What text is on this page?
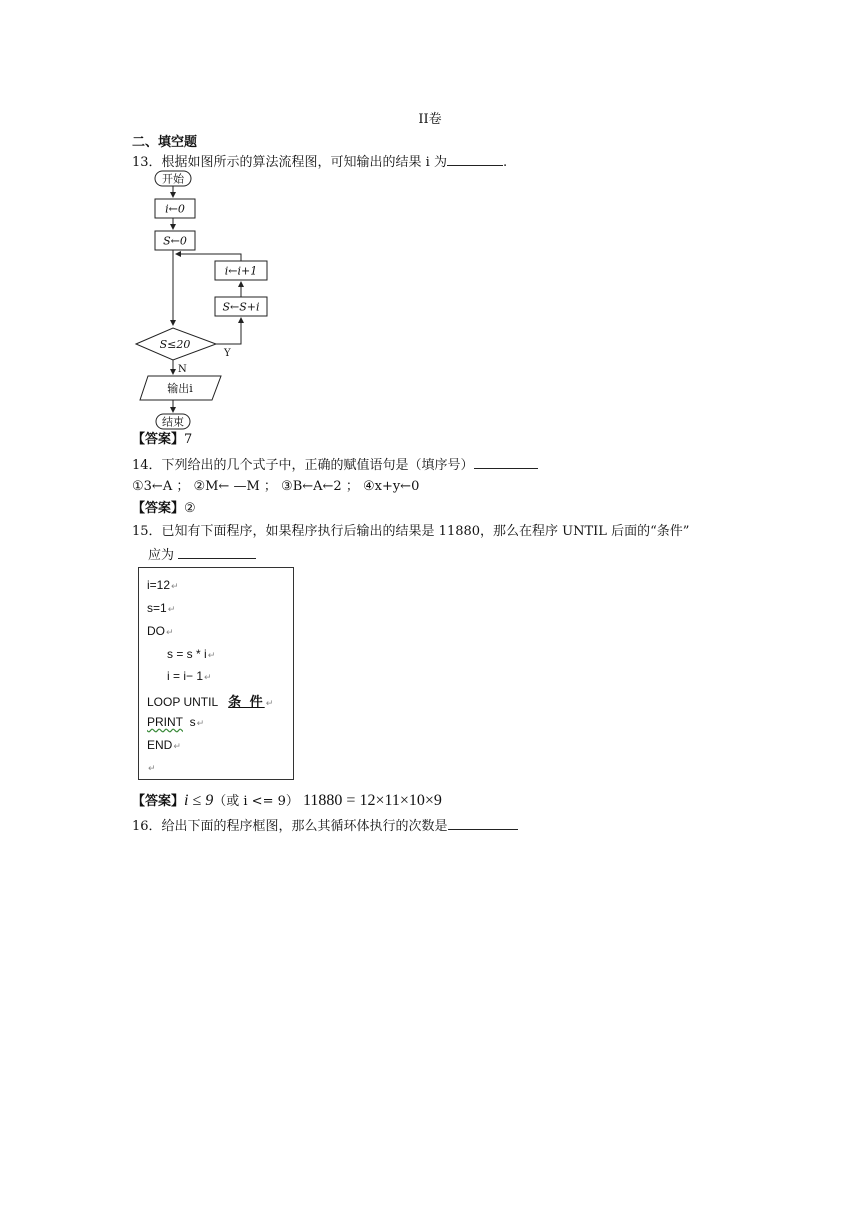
II卷
二、填空题
13．根据如图所示的算法流程图，可知输出的结果 i 为	.
开始
i←0
S←0
i←i+1
S←S+i
S≤20
Y
N
输出i
结束
【答案】7
14．下列给出的几个式子中，正确的赋值语句是（填序号）
①3←A ； ②M← —M ； ③B←A←2 ； ④x+y←0
【答案】②
15．已知有下面程序，如果程序执行后输出的结果是 11880，那么在程序 UNTIL 后面的“条件”
应为
i=12↵
s=1↵
DO↵
s = s * i↵
i = i− 1↵
LOOP UNTIL 条 件↵
PRINT s↵
END↵
↵
【答案】i ≤ 9（或 i <= 9） 11880 = 12×11×10×9
16．给出下面的程序框图，那么其循环体执行的次数是
